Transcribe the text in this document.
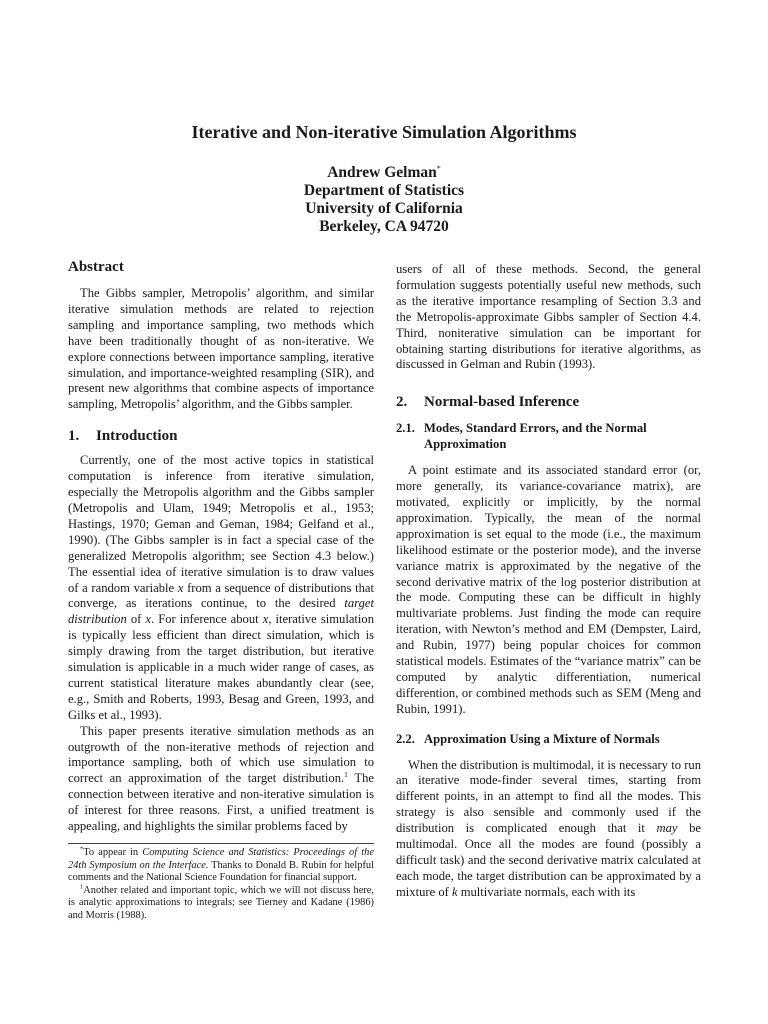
Iterative and Non-iterative Simulation Algorithms
Andrew Gelman*
Department of Statistics
University of California
Berkeley, CA 94720
Abstract

The Gibbs sampler, Metropolis’ algorithm, and similar iterative simulation methods are related to rejection sampling and importance sampling, two methods which have been traditionally thought of as non-iterative. We explore connections between importance sampling, iterative simulation, and importance-weighted resampling (SIR), and present new algorithms that combine aspects of importance sampling, Metropolis’ algorithm, and the Gibbs sampler.

1. Introduction

Currently, one of the most active topics in statistical computation is inference from iterative simulation, especially the Metropolis algorithm and the Gibbs sampler (Metropolis and Ulam, 1949; Metropolis et al., 1953; Hastings, 1970; Geman and Geman, 1984; Gelfand et al., 1990). (The Gibbs sampler is in fact a special case of the generalized Metropolis algorithm; see Section 4.3 below.) The essential idea of iterative simulation is to draw values of a random variable x from a sequence of distributions that converge, as iterations continue, to the desired target distribution of x. For inference about x, iterative simulation is typically less efficient than direct simulation, which is simply drawing from the target distribution, but iterative simulation is applicable in a much wider range of cases, as current statistical literature makes abundantly clear (see, e.g., Smith and Roberts, 1993, Besag and Green, 1993, and Gilks et al., 1993).

This paper presents iterative simulation methods as an outgrowth of the non-iterative methods of rejection and importance sampling, both of which use simulation to correct an approximation of the target distribution.$^1$ The connection between iterative and non-iterative simulation is of interest for three reasons. First, a unified treatment is appealing, and highlights the similar problems faced by

users of all of these methods. Second, the general formulation suggests potentially useful new methods, such as the iterative importance resampling of Section 3.3 and the Metropolis-approximate Gibbs sampler of Section 4.4. Third, noniterative simulation can be important for obtaining starting distributions for iterative algorithms, as discussed in Gelman and Rubin (1993).

2. Normal-based Inference
2.1. Modes, Standard Errors, and the Normal Approximation

A point estimate and its associated standard error (or, more generally, its variance-covariance matrix), are motivated, explicitly or implicitly, by the normal approximation. Typically, the mean of the normal approximation is set equal to the mode (i.e., the maximum likelihood estimate or the posterior mode), and the inverse variance matrix is approximated by the negative of the second derivative matrix of the log posterior distribution at the mode. Computing these can be difficult in highly multivariate problems. Just finding the mode can require iteration, with Newton’s method and EM (Dempster, Laird, and Rubin, 1977) being popular choices for common statistical models. Estimates of the “variance matrix” can be computed by analytic differentiation, numerical differention, or combined methods such as SEM (Meng and Rubin, 1991).

2.2. Approximation Using a Mixture of Normals

When the distribution is multimodal, it is necessary to run an iterative mode-finder several times, starting from different points, in an attempt to find all the modes. This strategy is also sensible and commonly used if the distribution is complicated enough that it may be multimodal. Once all the modes are found (possibly a difficult task) and the second derivative matrix calculated at each mode, the target distribution can be approximated by a mixture of k multivariate normals, each with its

*To appear in Computing Science and Statistics: Proceedings of the 24th Symposium on the Interface. Thanks to Donald B. Rubin for helpful comments and the National Science Foundation for financial support.

$^1$Another related and important topic, which we will not discuss here, is analytic approximations to integrals; see Tierney and Kadane (1986) and Morris (1988).
